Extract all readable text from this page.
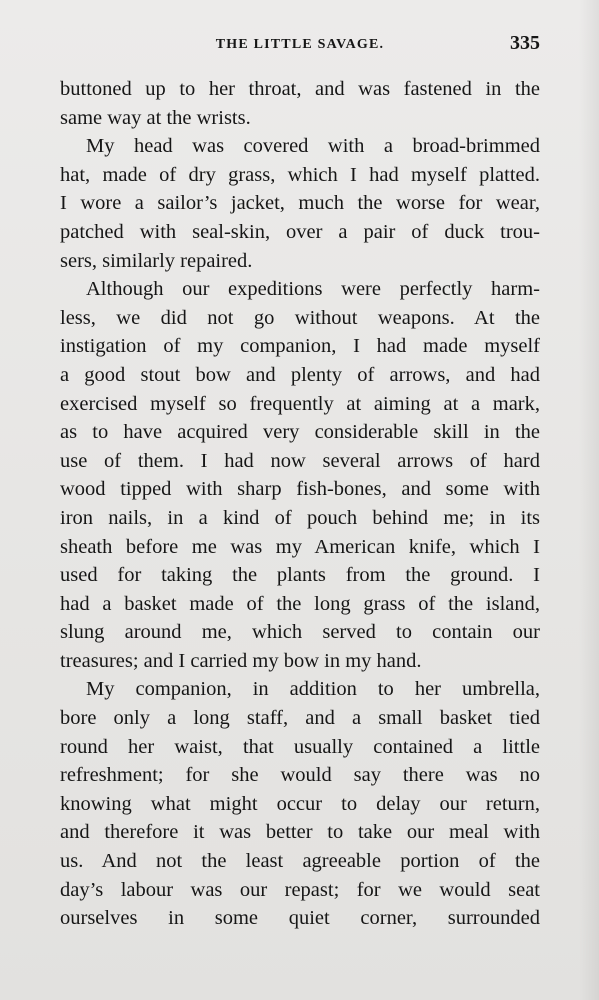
THE LITTLE SAVAGE.	335
buttoned up to her throat, and was fastened in the
same way at the wrists.
My head was covered with a broad-brimmed
hat, made of dry grass, which I had myself platted.
I wore a sailor’s jacket, much the worse for wear,
patched with seal-skin, over a pair of duck trou-
sers, similarly repaired.
Although our expeditions were perfectly harm-
less, we did not go without weapons. At the
instigation of my companion, I had made myself
a good stout bow and plenty of arrows, and had
exercised myself so frequently at aiming at a mark,
as to have acquired very considerable skill in the
use of them. I had now several arrows of hard
wood tipped with sharp fish-bones, and some with
iron nails, in a kind of pouch behind me; in its
sheath before me was my American knife, which I
used for taking the plants from the ground. I
had a basket made of the long grass of the island,
slung around me, which served to contain our
treasures; and I carried my bow in my hand.
My companion, in addition to her umbrella,
bore only a long staff, and a small basket tied
round her waist, that usually contained a little
refreshment; for she would say there was no
knowing what might occur to delay our return,
and therefore it was better to take our meal with
us. And not the least agreeable portion of the
day’s labour was our repast; for we would seat
ourselves in some quiet corner, surrounded
